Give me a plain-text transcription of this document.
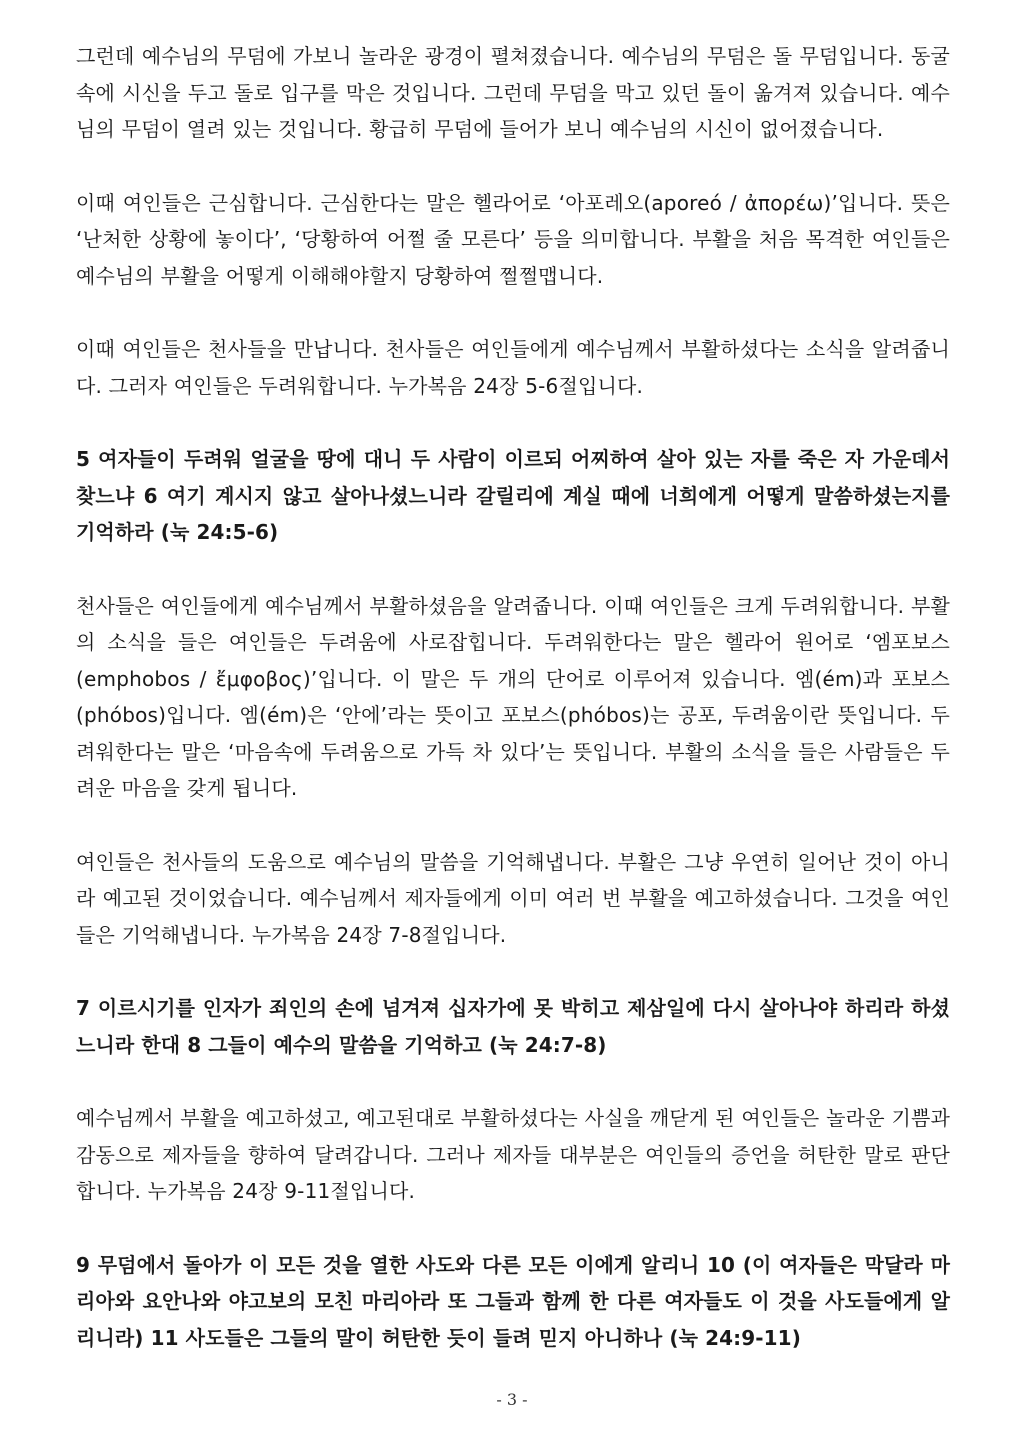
그런데 예수님의 무덤에 가보니 놀라운 광경이 펼쳐졌습니다. 예수님의 무덤은 돌 무덤입니다. 동굴 속에 시신을 두고 돌로 입구를 막은 것입니다. 그런데 무덤을 막고 있던 돌이 옮겨져 있습니다. 예수님의 무덤이 열려 있는 것입니다. 황급히 무덤에 들어가 보니 예수님의 시신이 없어졌습니다.

이때 여인들은 근심합니다. 근심한다는 말은 헬라어로 ‘아포레오(aporeó / ἀπορέω)’입니다. 뜻은 ‘난처한 상황에 놓이다’, ‘당황하여 어쩔 줄 모른다’ 등을 의미합니다. 부활을 처음 목격한 여인들은 예수님의 부활을 어떻게 이해해야할지 당황하여 쩔쩔맵니다.

이때 여인들은 천사들을 만납니다. 천사들은 여인들에게 예수님께서 부활하셨다는 소식을 알려줍니다. 그러자 여인들은 두려워합니다. 누가복음 24장 5-6절입니다.

5 여자들이 두려워 얼굴을 땅에 대니 두 사람이 이르되 어찌하여 살아 있는 자를 죽은 자 가운데서 찾느냐 6 여기 계시지 않고 살아나셨느니라 갈릴리에 계실 때에 너희에게 어떻게 말씀하셨는지를 기억하라 (눅 24:5-6)

천사들은 여인들에게 예수님께서 부활하셨음을 알려줍니다. 이때 여인들은 크게 두려워합니다. 부활의 소식을 들은 여인들은 두려움에 사로잡힙니다. 두려워한다는 말은 헬라어 원어로 ‘엠포보스(emphobos / ἔμφοβος)’입니다. 이 말은 두 개의 단어로 이루어져 있습니다. 엠(ém)과 포보스(phóbos)입니다. 엠(ém)은 ‘안에’라는 뜻이고 포보스(phóbos)는 공포, 두려움이란 뜻입니다. 두려워한다는 말은 ‘마음속에 두려움으로 가득 차 있다’는 뜻입니다. 부활의 소식을 들은 사람들은 두려운 마음을 갖게 됩니다.

여인들은 천사들의 도움으로 예수님의 말씀을 기억해냅니다. 부활은 그냥 우연히 일어난 것이 아니라 예고된 것이었습니다. 예수님께서 제자들에게 이미 여러 번 부활을 예고하셨습니다. 그것을 여인들은 기억해냅니다. 누가복음 24장 7-8절입니다.

7 이르시기를 인자가 죄인의 손에 넘겨져 십자가에 못 박히고 제삼일에 다시 살아나야 하리라 하셨느니라 한대 8 그들이 예수의 말씀을 기억하고 (눅 24:7-8)

예수님께서 부활을 예고하셨고, 예고된대로 부활하셨다는 사실을 깨닫게 된 여인들은 놀라운 기쁨과 감동으로 제자들을 향하여 달려갑니다. 그러나 제자들 대부분은 여인들의 증언을 허탄한 말로 판단합니다. 누가복음 24장 9-11절입니다.

9 무덤에서 돌아가 이 모든 것을 열한 사도와 다른 모든 이에게 알리니 10 (이 여자들은 막달라 마리아와 요안나와 야고보의 모친 마리아라 또 그들과 함께 한 다른 여자들도 이 것을 사도들에게 알리니라) 11 사도들은 그들의 말이 허탄한 듯이 들려 믿지 아니하나 (눅 24:9-11)

- 3 -
